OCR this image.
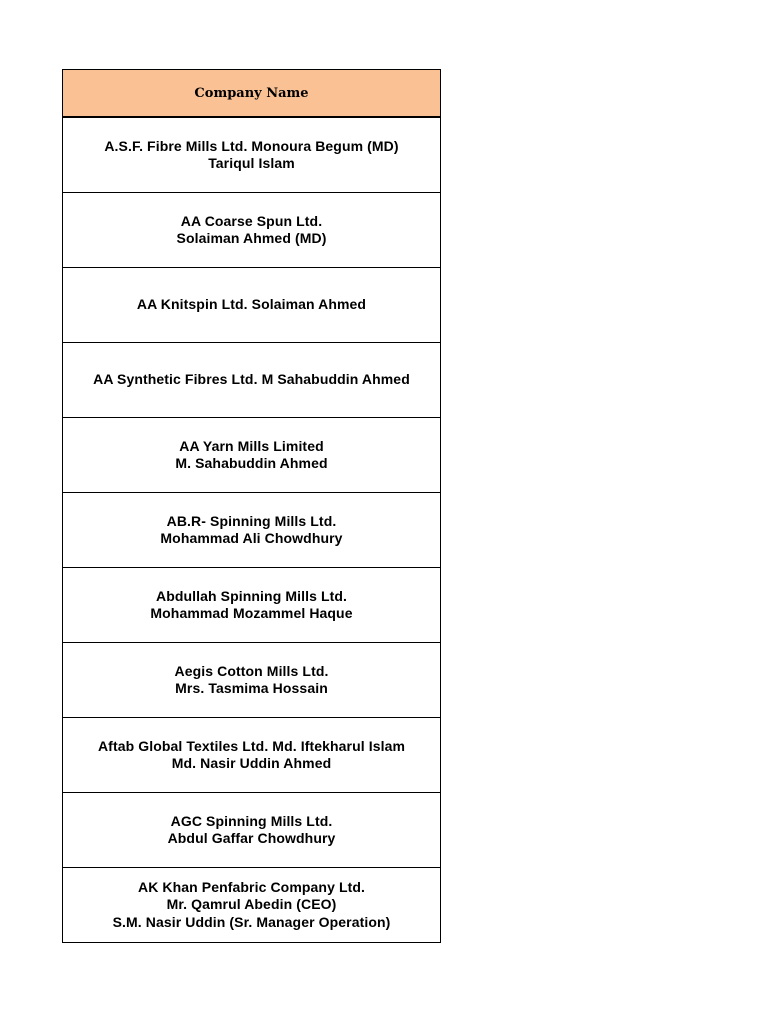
Company Name

A.S.F. Fibre Mills Ltd. Monoura Begum (MD)
Tariqul Islam

AA Coarse Spun Ltd.
Solaiman Ahmed (MD)

AA Knitspin Ltd. Solaiman Ahmed

AA Synthetic Fibres Ltd. M Sahabuddin Ahmed

AA Yarn Mills Limited
M. Sahabuddin Ahmed

AB.R- Spinning Mills Ltd.
Mohammad Ali Chowdhury

Abdullah Spinning Mills Ltd.
Mohammad Mozammel Haque

Aegis Cotton Mills Ltd.
Mrs. Tasmima Hossain

Aftab Global Textiles Ltd. Md. Iftekharul Islam
Md. Nasir Uddin Ahmed

AGC Spinning Mills Ltd.
Abdul Gaffar Chowdhury

AK Khan Penfabric Company Ltd.
Mr. Qamrul Abedin (CEO)
S.M. Nasir Uddin (Sr. Manager Operation)
